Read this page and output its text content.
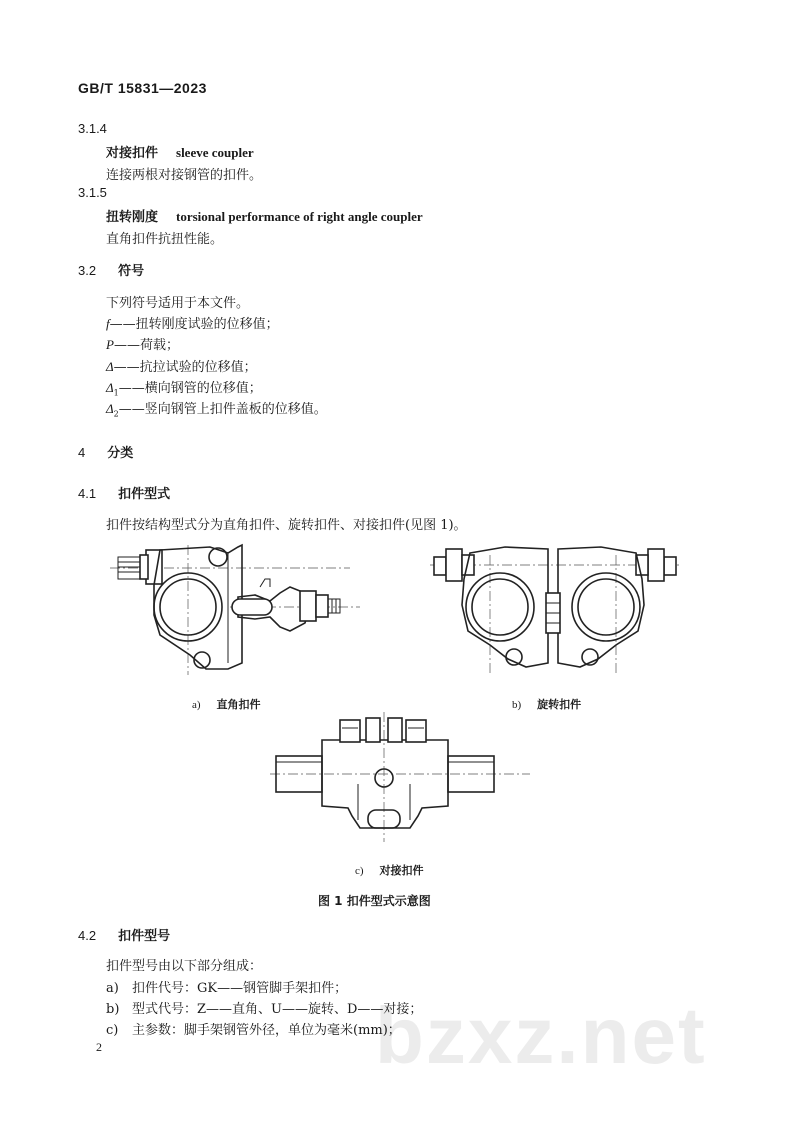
GB/T 15831—2023
3.1.4
对接扣件 sleeve coupler
连接两根对接钢管的扣件。
3.1.5
扭转刚度 torsional performance of right angle coupler
直角扣件抗扭性能。
3.2 符号
下列符号适用于本文件。
f——扭转刚度试验的位移值；
P——荷载；
Δ——抗拉试验的位移值；
$\Delta_1——$横向钢管的位移值；
$\Delta_2——$竖向钢管上扣件盖板的位移值。
4 分类
4.1 扣件型式
扣件按结构型式分为直角扣件、旋转扣件、对接扣件(见图 1)。
a) 直角扣件	b) 旋转扣件
c) 对接扣件
图 1 扣件型式示意图
4.2 扣件型号
扣件型号由以下部分组成：
bzxz.net
a) 扣件代号：GK——钢管脚手架扣件；
b) 型式代号：Z——直角、U——旋转、D——对接；
c) 主参数：脚手架钢管外径，单位为毫米(mm)；
2
